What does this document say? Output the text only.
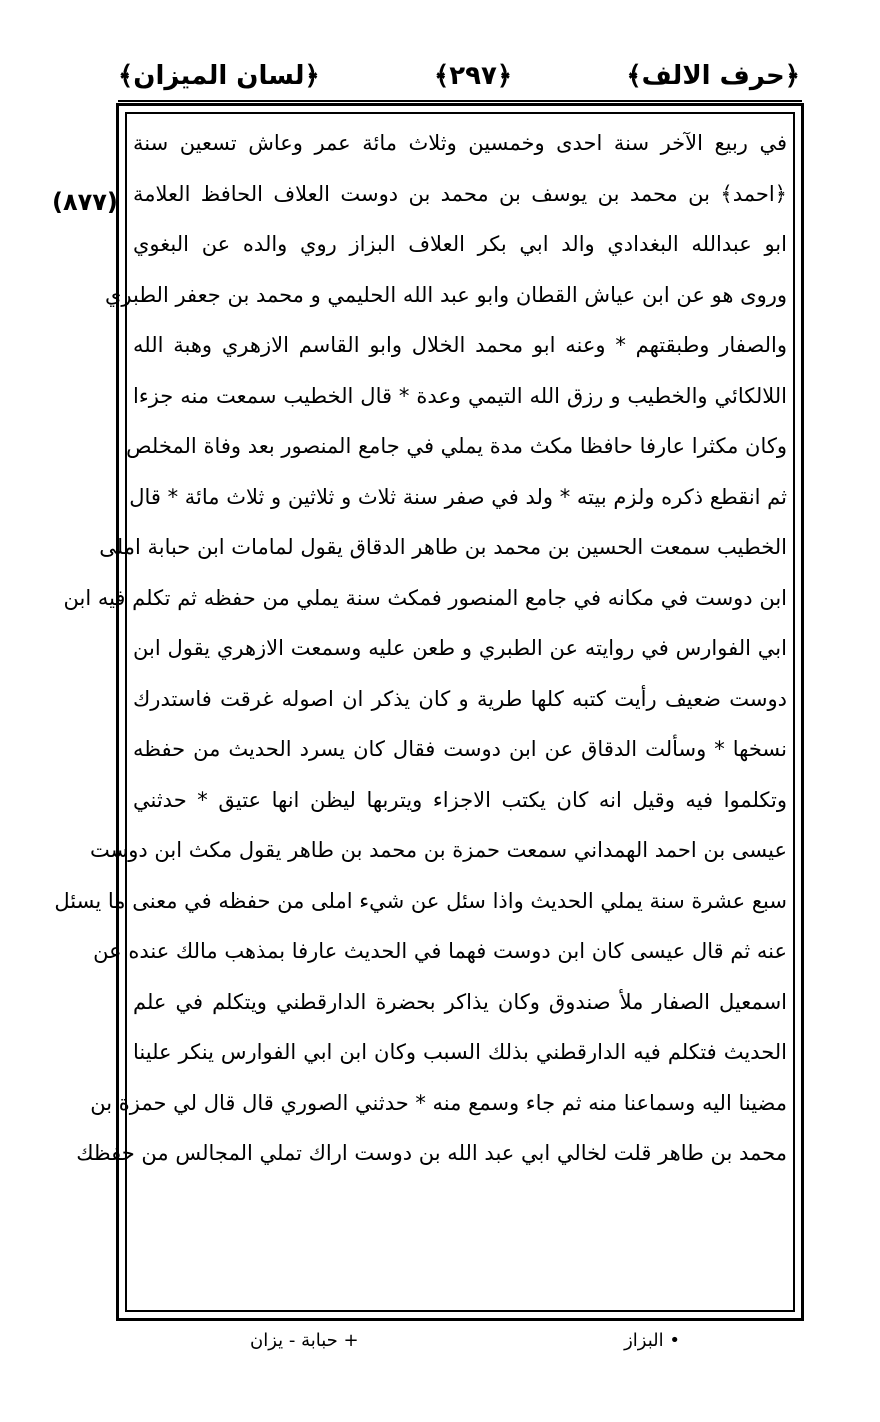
﴿حرف الالف﴾
﴿٢٩٧﴾
﴿لسان الميزان﴾
(٨٧٧)
في ربيع الآخر سنة احدى وخمسين وثلاث مائة عمر وعاش تسعين سنة
﴿احمد﴾ بن محمد بن يوسف بن محمد بن دوست العلاف الحافظ العلامة
ابو عبدالله البغدادي والد ابي بكر العلاف البزاز روي والده عن البغوي
وروى هو عن ابن عياش القطان وابو عبد الله الحليمي و محمد بن جعفر الطبري
والصفار وطبقتهم * وعنه ابو محمد الخلال وابو القاسم الازهري وهبة الله
اللالكائي والخطيب و رزق الله التيمي وعدة * قال الخطيب سمعت منه جزءا
وكان مكثرا عارفا حافظا مكث مدة يملي في جامع المنصور بعد وفاة المخلص
ثم انقطع ذكره ولزم بيته * ولد في صفر سنة ثلاث و ثلاثين و ثلاث مائة * قال
الخطيب سمعت الحسين بن محمد بن طاهر الدقاق يقول لمامات ابن حبابة املى
ابن دوست في مكانه في جامع المنصور فمكث سنة يملي من حفظه ثم تكلم فيه ابن
ابي الفوارس في روايته عن الطبري و طعن عليه وسمعت الازهري يقول ابن
دوست ضعيف رأيت كتبه كلها طرية و كان يذكر ان اصوله غرقت فاستدرك
نسخها * وسألت الدقاق عن ابن دوست فقال كان يسرد الحديث من حفظه
وتكلموا فيه وقيل انه كان يكتب الاجزاء ويتربها ليظن انها عتيق * حدثني
عيسى بن احمد الهمداني سمعت حمزة بن محمد بن طاهر يقول مكث ابن دوست
سبع عشرة سنة يملي الحديث واذا سئل عن شيء املى من حفظه في معنى ما يسئل
عنه ثم قال عيسى كان ابن دوست فهما في الحديث عارفا بمذهب مالك عنده عن
اسمعيل الصفار ملأ صندوق وكان يذاكر بحضرة الدارقطني ويتكلم في علم
الحديث فتكلم فيه الدارقطني بذلك السبب وكان ابن ابي الفوارس ينكر علينا
مضينا اليه وسماعنا منه ثم جاء وسمع منه * حدثني الصوري قال قال لي حمزة بن
محمد بن طاهر قلت لخالي ابي عبد الله بن دوست اراك تملي المجالس من حفظك
• البزاز
+ حبابة - يزان
